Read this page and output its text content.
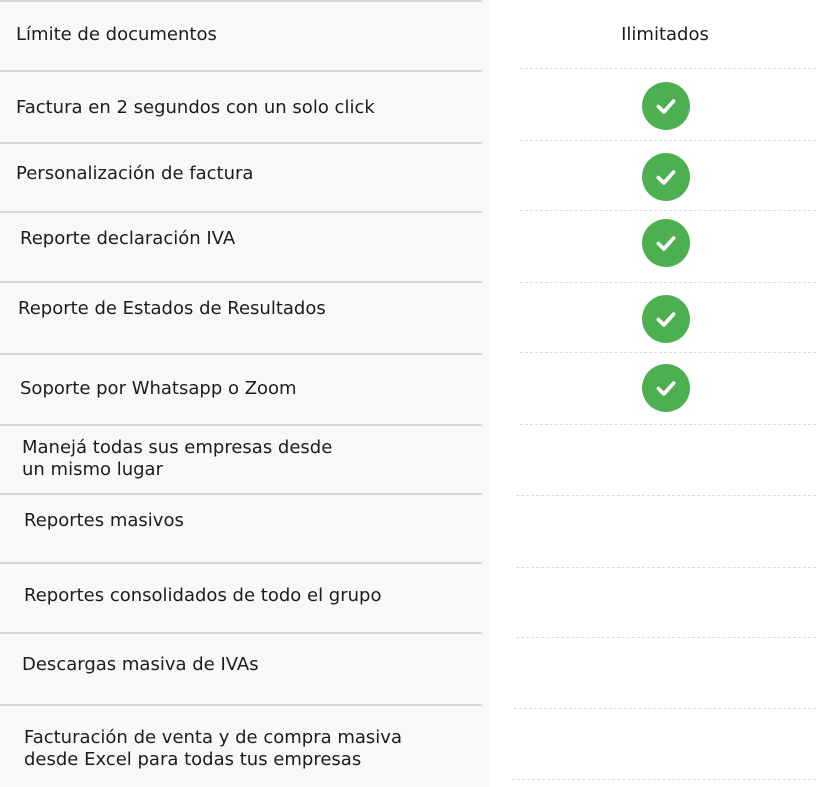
Límite de documentos	Ilimitados
Factura en 2 segundos con un solo click
Personalización de factura
Reporte declaración IVA
Reporte de Estados de Resultados
Soporte por Whatsapp o Zoom
Manejá todas sus empresas desde
un mismo lugar
Reportes masivos
Reportes consolidados de todo el grupo
Descargas masiva de IVAs
Facturación de venta y de compra masiva
desde Excel para todas tus empresas
